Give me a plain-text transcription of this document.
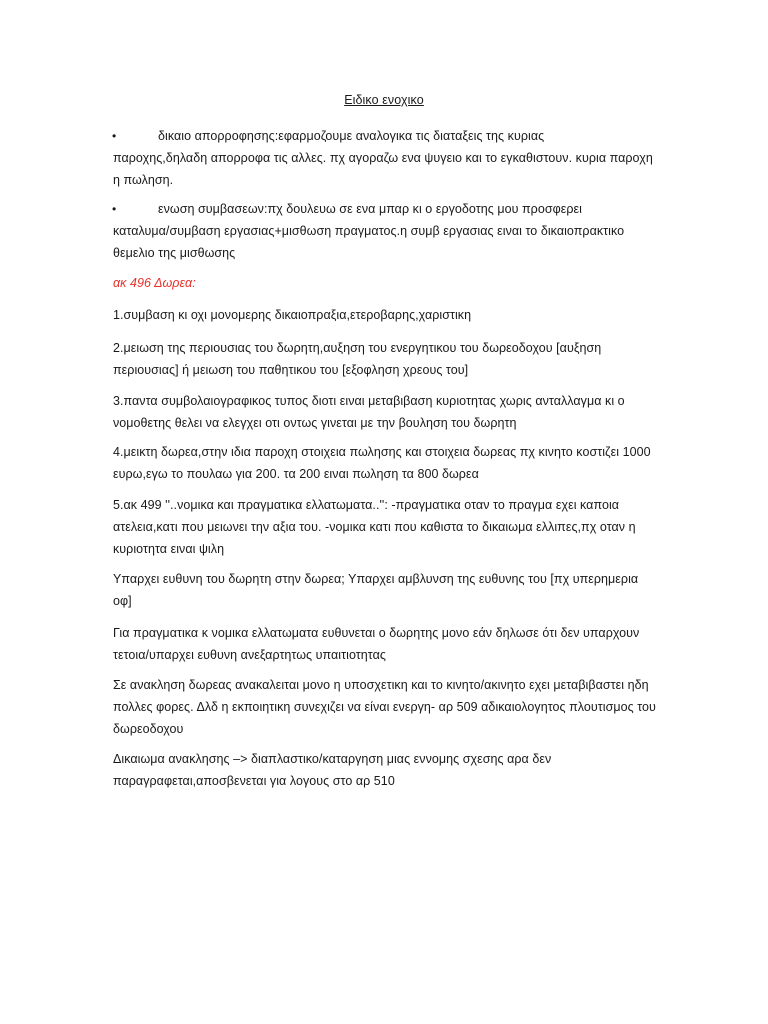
Ειδικο ενοχικο
•	δικαιο απορροφησης:εφαρμοζουμε αναλογικα τις διαταξεις της κυριας
παροχης,δηλαδη απορροφα τις αλλες. πχ αγοραζω ενα ψυγειο και το εγκαθιστουν. κυρια παροχη η πωληση.
•	ενωση συμβασεων:πχ δουλευω σε ενα μπαρ κι ο εργοδοτης μου προσφερει
καταλυμα/συμβαση εργασιας+μισθωση πραγματος.η συμβ εργασιας ειναι το δικαιοπρακτικο θεμελιο της μισθωσης
ακ 496 Δωρεα:
1.συμβαση κι οχι μονομερης δικαιοπραξια,ετεροβαρης,χαριστικη
2.μειωση της περιουσιας του δωρητη,αυξηση του ενεργητικου του δωρεοδοχου [αυξηση περιουσιας] ή μειωση του παθητικου του [εξοφληση χρεους του]
3.παντα συμβολαιογραφικος τυπος διοτι ειναι μεταβιβαση κυριοτητας χωρις ανταλλαγμα κι ο νομοθετης θελει να ελεγχει οτι οντως γινεται με την βουληση του δωρητη
4.μεικτη δωρεα,στην ιδια παροχη στοιχεια πωλησης και στοιχεια δωρεας πχ κινητο κοστιζει 1000 ευρω,εγω το πουλαω για 200. τα 200 ειναι πωληση τα 800 δωρεα
5.ακ 499 ''..νομικα και πραγματικα ελλατωματα..'': -πραγματικα οταν το πραγμα εχει καποια ατελεια,κατι που μειωνει την αξια του. -νομικα κατι που καθιστα το δικαιωμα ελλιπες,πχ οταν η κυριοτητα ειναι ψιλη
Υπαρχει ευθυνη του δωρητη στην δωρεα; Υπαρχει αμβλυνση της ευθυνης του [πχ υπερημερια οφ]
Για πραγματικα κ νομικα ελλατωματα ευθυνεται ο δωρητης μονο εάν δηλωσε ότι δεν υπαρχουν τετοια/υπαρχει ευθυνη ανεξαρτητως υπαιτιοτητας
Σε ανακληση δωρεας ανακαλειται μονο η υποσχετικη και το κινητο/ακινητο εχει μεταβιβαστει ηδη πολλες φορες. Δλδ η εκποιητικη συνεχιζει να είναι ενεργη- αρ 509 αδικαιολογητος πλουτισμος του δωρεοδοχου
Δικαιωμα ανακλησης –> διαπλαστικο/καταργηση μιας εννομης σχεσης αρα δεν παραγραφεται,αποσβενεται για λογους στο αρ 510
